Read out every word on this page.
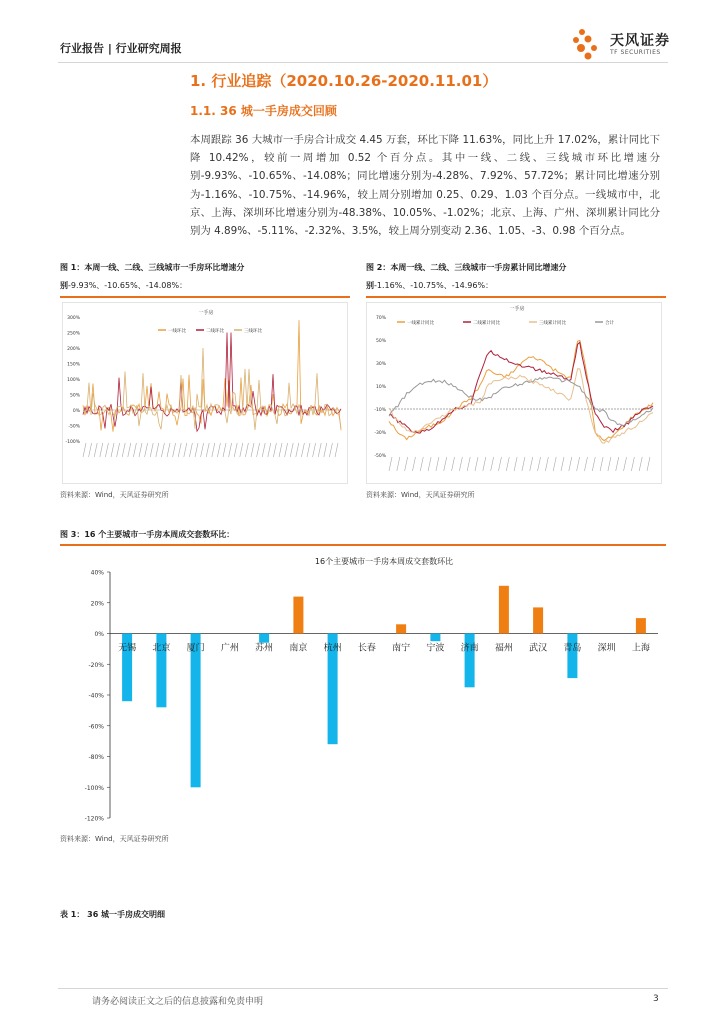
行业报告 | 行业研究周报	天风证券
TF SECURITIES
1. 行业追踪（2020.10.26-2020.11.01）
1.1. 36 城一手房成交回顾
本周跟踪 36 大城市一手房合计成交 4.45 万套，环比下降 11.63%，同比上升 17.02%，累计同比下降 10.42%，较前一周增加 0.52 个百分点。其中一线、二线、三线城市环比增速分别-9.93%、-10.65%、-14.08%；同比增速分别为-4.28%、7.92%、57.72%；累计同比增速分别为-1.16%、-10.75%、-14.96%，较上周分别增加 0.25、0.29、1.03 个百分点。一线城市中，北京、上海、深圳环比增速分别为-48.38%、10.05%、-1.02%；北京、上海、广州、深圳累计同比分别为 4.89%、-5.11%、-2.32%、3.5%，较上周分别变动 2.36、1.05、-3、0.98 个百分点。
图 1：本周一线、二线、三线城市一手房环比增速分别-9.93%、-10.65%、-14.08%：
图 2：本周一线、二线、三线城市一手房累计同比增速分别-1.16%、-10.75%、-14.96%：
一手房
300%
250%
200%
150%
100%
50%
0%
-50%
-100%
一线环比	二线环比	三线环比
资料来源：Wind，天风证券研究所
一手房
70%
50%
30%
10%
-10%
-30%
-50%
一线累计同比	二线累计同比	三线累计同比	合计
资料来源：Wind，天风证券研究所
图 3：16 个主要城市一手房本周成交套数环比：
16个主要城市一手房本周成交套数环比
40%
20%
0%
-20%
-40%
-60%
-80%
-100%
-120%
无锡 北京 厦门 广州 苏州 南京 杭州 长春 南宁 宁波 济南 福州 武汉 青岛 深圳 上海
资料来源：Wind，天风证券研究所
表 1： 36 城一手房成交明细
请务必阅读正文之后的信息披露和免责申明	3
